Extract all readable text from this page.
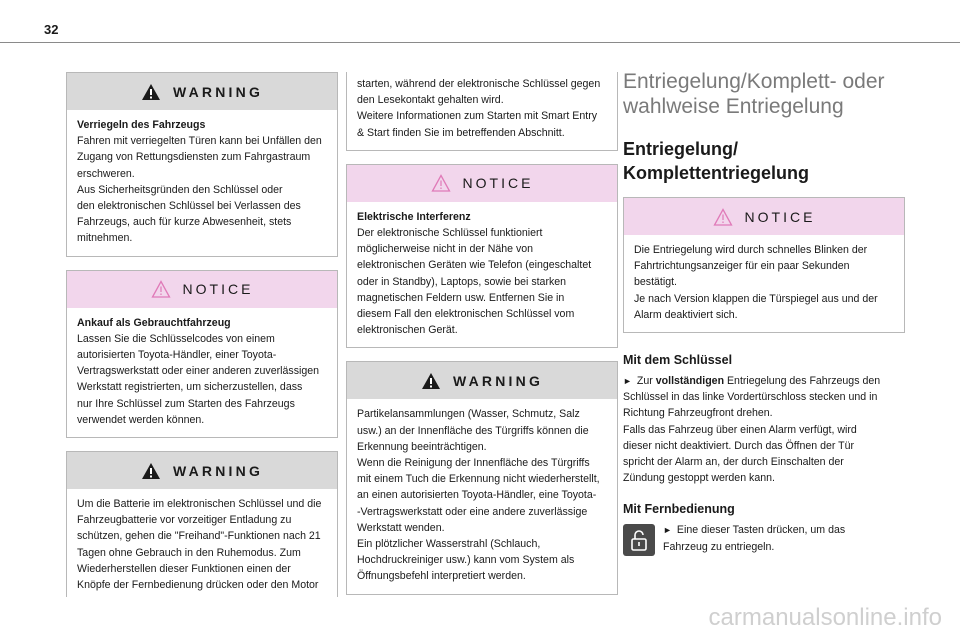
32
WARNING
Verriegeln des Fahrzeugs

Fahren mit verriegelten Türen kann bei Unfällen den

Zugang von Rettungsdiensten zum Fahrgastraum

erschweren.

Aus Sicherheitsgründen den Schlüssel oder

den elektronischen Schlüssel bei Verlassen des

Fahrzeugs, auch für kurze Abwesenheit, stets

mitnehmen.

NOTICE
Ankauf als Gebrauchtfahrzeug

Lassen Sie die Schlüsselcodes von einem

autorisierten Toyota-Händler, einer Toyota-

Vertragswerkstatt oder einer anderen zuverlässigen

Werkstatt registrierten, um sicherzustellen, dass

nur Ihre Schlüssel zum Starten des Fahrzeugs

verwendet werden können.

WARNING

Um die Batterie im elektronischen Schlüssel und die

Fahrzeugbatterie vor vorzeitiger Entladung zu

schützen, gehen die "Freihand"-Funktionen nach 21

Tagen ohne Gebrauch in den Ruhemodus. Zum

Wiederherstellen dieser Funktionen einen der

Knöpfe der Fernbedienung drücken oder den Motor

starten, während der elektronische Schlüssel gegen

den Lesekontakt gehalten wird.

Weitere Informationen zum Starten mit Smart Entry

& Start finden Sie im betreffenden Abschnitt.

NOTICE
Elektrische Interferenz

Der elektronische Schlüssel funktioniert

möglicherweise nicht in der Nähe von

elektronischen Geräten wie Telefon (eingeschaltet

oder in Standby), Laptops, sowie bei starken

magnetischen Feldern usw. Entfernen Sie in

diesem Fall den elektronischen Schlüssel vom

elektronischen Gerät.

WARNING

Partikelansammlungen (Wasser, Schmutz, Salz

usw.) an der Innenfläche des Türgriffs können die

Erkennung beeinträchtigen.

Wenn die Reinigung der Innenfläche des Türgriffs

mit einem Tuch die Erkennung nicht wiederherstellt,

an einen autorisierten Toyota-Händler, eine Toyota-

-Vertragswerkstatt oder eine andere zuverlässige

Werkstatt wenden.

Ein plötzlicher Wasserstrahl (Schlauch,

Hochdruckreiniger usw.) kann vom System als

Öffnungsbefehl interpretiert werden.

Entriegelung/Komplett- oder
wahlweise Entriegelung
Entriegelung/
Komplettentriegelung
NOTICE

Die Entriegelung wird durch schnelles Blinken der

Fahrtrichtungsanzeiger für ein paar Sekunden

bestätigt.

Je nach Version klappen die Türspiegel aus und der

Alarm deaktiviert sich.

Mit dem Schlüssel

► Zur vollständigen Entriegelung des Fahrzeugs den

Schlüssel in das linke Vordertürschloss stecken und in

Richtung Fahrzeugfront drehen.

Falls das Fahrzeug über einen Alarm verfügt, wird

dieser nicht deaktiviert. Durch das Öffnen der Tür

spricht der Alarm an, der durch Einschalten der

Zündung gestoppt werden kann.

Mit Fernbedienung

► Eine dieser Tasten drücken, um das

Fahrzeug zu entriegeln.

carmanualsonline.info
